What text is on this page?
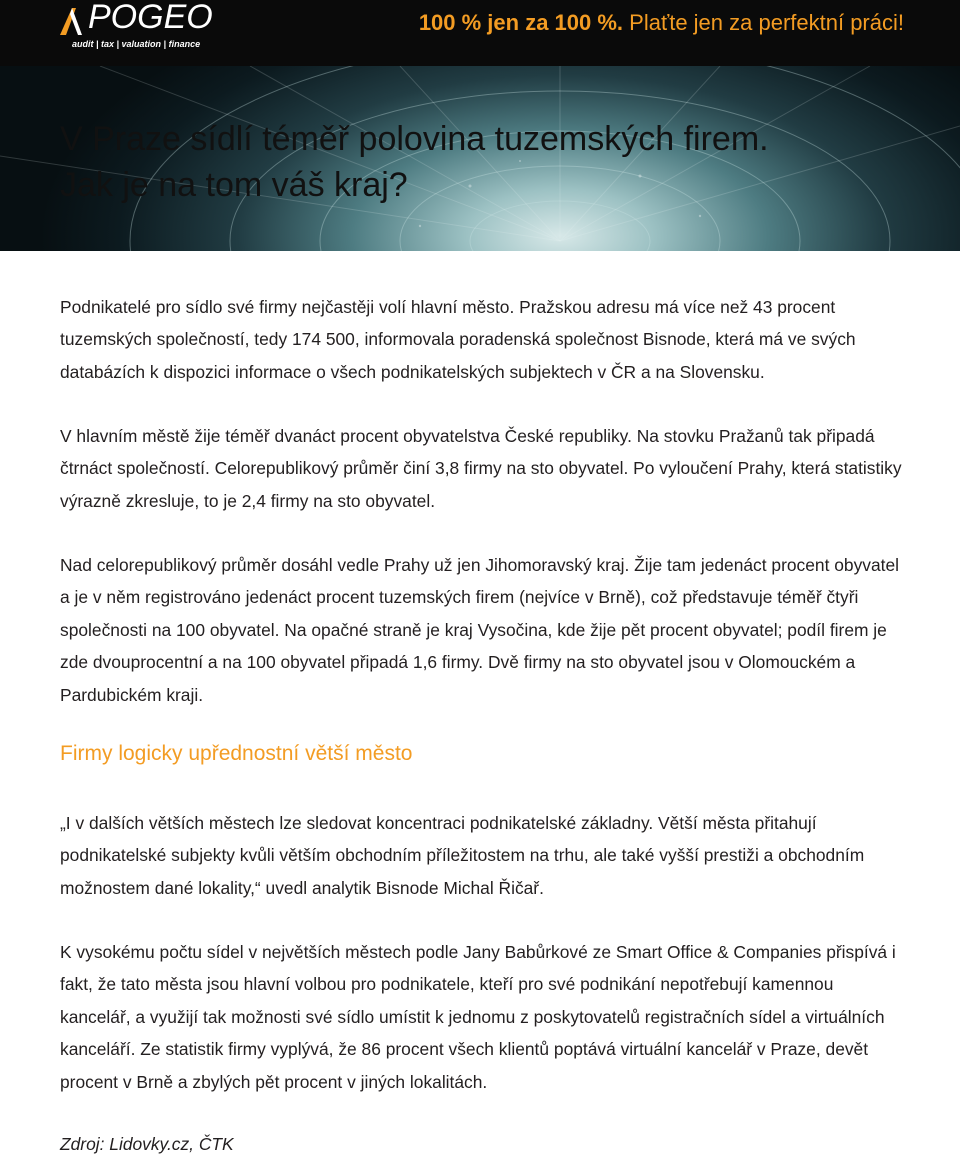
POGEO
audit | tax | valuation | finance
100 % jen za 100 %. Plaťte jen za perfektní práci!
V Praze sídlí téměř polovina tuzemských firem.
Jak je na tom váš kraj?

Podnikatelé pro sídlo své firmy nejčastěji volí hlavní město. Pražskou adresu má více než 43 procent tuzemských společností, tedy 174 500, informovala poradenská společnost Bisnode, která má ve svých databázích k dispozici informace o všech podnikatelských subjektech v ČR a na Slovensku.

V hlavním městě žije téměř dvanáct procent obyvatelstva České republiky. Na stovku Pražanů tak připadá čtrnáct společností. Celorepublikový průměr činí 3,8 firmy na sto obyvatel. Po vyloučení Prahy, která statistiky výrazně zkresluje, to je 2,4 firmy na sto obyvatel.

Nad celorepublikový průměr dosáhl vedle Prahy už jen Jihomoravský kraj. Žije tam jedenáct procent obyvatel a je v něm registrováno jedenáct procent tuzemských firem (nejvíce v Brně), což představuje téměř čtyři společnosti na 100 obyvatel. Na opačné straně je kraj Vysočina, kde žije pět procent obyvatel; podíl firem je zde dvouprocentní a na 100 obyvatel připadá 1,6 firmy. Dvě firmy na sto obyvatel jsou v Olomouckém a Pardubickém kraji.

Firmy logicky upřednostní větší město

„I v dalších větších městech lze sledovat koncentraci podnikatelské základny. Větší města přitahují podnikatelské subjekty kvůli větším obchodním příležitostem na trhu, ale také vyšší prestiži a obchodním možnostem dané lokality,“ uvedl analytik Bisnode Michal Řičař.

K vysokému počtu sídel v největších městech podle Jany Babůrkové ze Smart Office & Companies přispívá i fakt, že tato města jsou hlavní volbou pro podnikatele, kteří pro své podnikání nepotřebují kamennou kancelář, a využijí tak možnosti své sídlo umístit k jednomu z poskytovatelů registračních sídel a virtuálních kanceláří. Ze statistik firmy vyplývá, že 86 procent všech klientů poptává virtuální kancelář v Praze, devět procent v Brně a zbylých pět procent v jiných lokalitách.

Zdroj: Lidovky.cz, ČTK
